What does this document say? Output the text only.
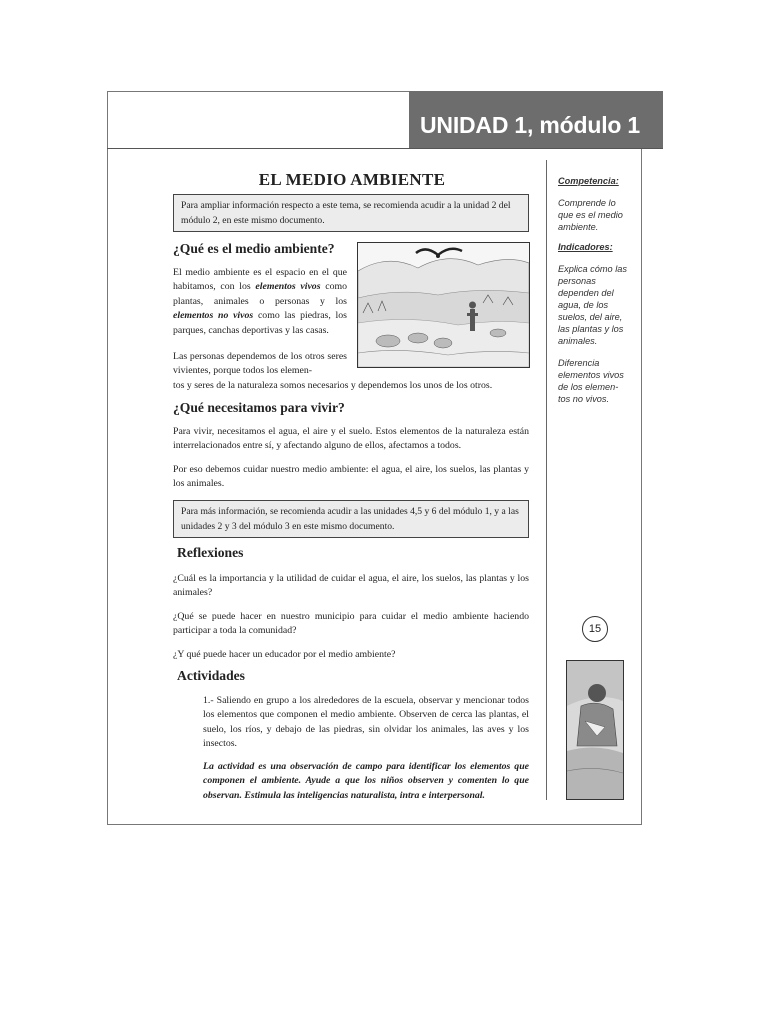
UNIDAD 1, módulo 1
EL MEDIO AMBIENTE
Para ampliar información respecto a este tema, se recomienda acudir a la unidad 2 del módulo 2, en este mismo documento.
¿Qué es el medio ambiente?
El medio ambiente es el espacio en el que habitamos, con los elementos vivos como plantas, animales o personas y los elementos no vivos como las piedras, los parques, canchas deportivas y las casas.
Las personas dependemos de los otros seres vivientes, porque todos los elemen-
tos y seres de la naturaleza somos necesarios y dependemos los unos de los otros.
¿Qué necesitamos para vivir?
Para vivir, necesitamos el agua, el aire y el suelo. Estos elementos de la naturaleza están interrelacionados entre sí, y afectando alguno de ellos, afectamos a todos.
Por eso debemos cuidar nuestro medio ambiente: el agua, el aire, los suelos, las plantas y los animales.
Para más información, se recomienda acudir a las unidades 4,5 y 6 del módulo 1, y a las unidades 2 y 3 del módulo 3 en este mismo documento.
Reflexiones
¿Cuál es la importancia y la utilidad de cuidar el agua, el aire, los suelos, las plantas y los animales?
¿Qué se puede hacer en nuestro municipio para cuidar el medio ambiente haciendo participar a toda la comunidad?
¿Y qué puede hacer un educador por el medio ambiente?
Actividades
1.- Saliendo en grupo a los alrededores de la escuela, observar y mencionar todos los elementos que componen el medio ambiente. Observen de cerca las plantas, el suelo, los ríos, y debajo de las piedras, sin olvidar los animales, las aves y los insectos.
La actividad es una observación de campo para identificar los elementos que componen el ambiente. Ayude a que los niños observen y comenten lo que observan. Estimula las inteligencias naturalista, intra e interpersonal.
Competencia:
Comprende lo que es el medio ambiente.
Indicadores:
Explica cómo las personas dependen del agua, de los suelos, del aire, las plantas y los animales.
Diferencia elementos vivos de los elemen-tos no vivos.
15
